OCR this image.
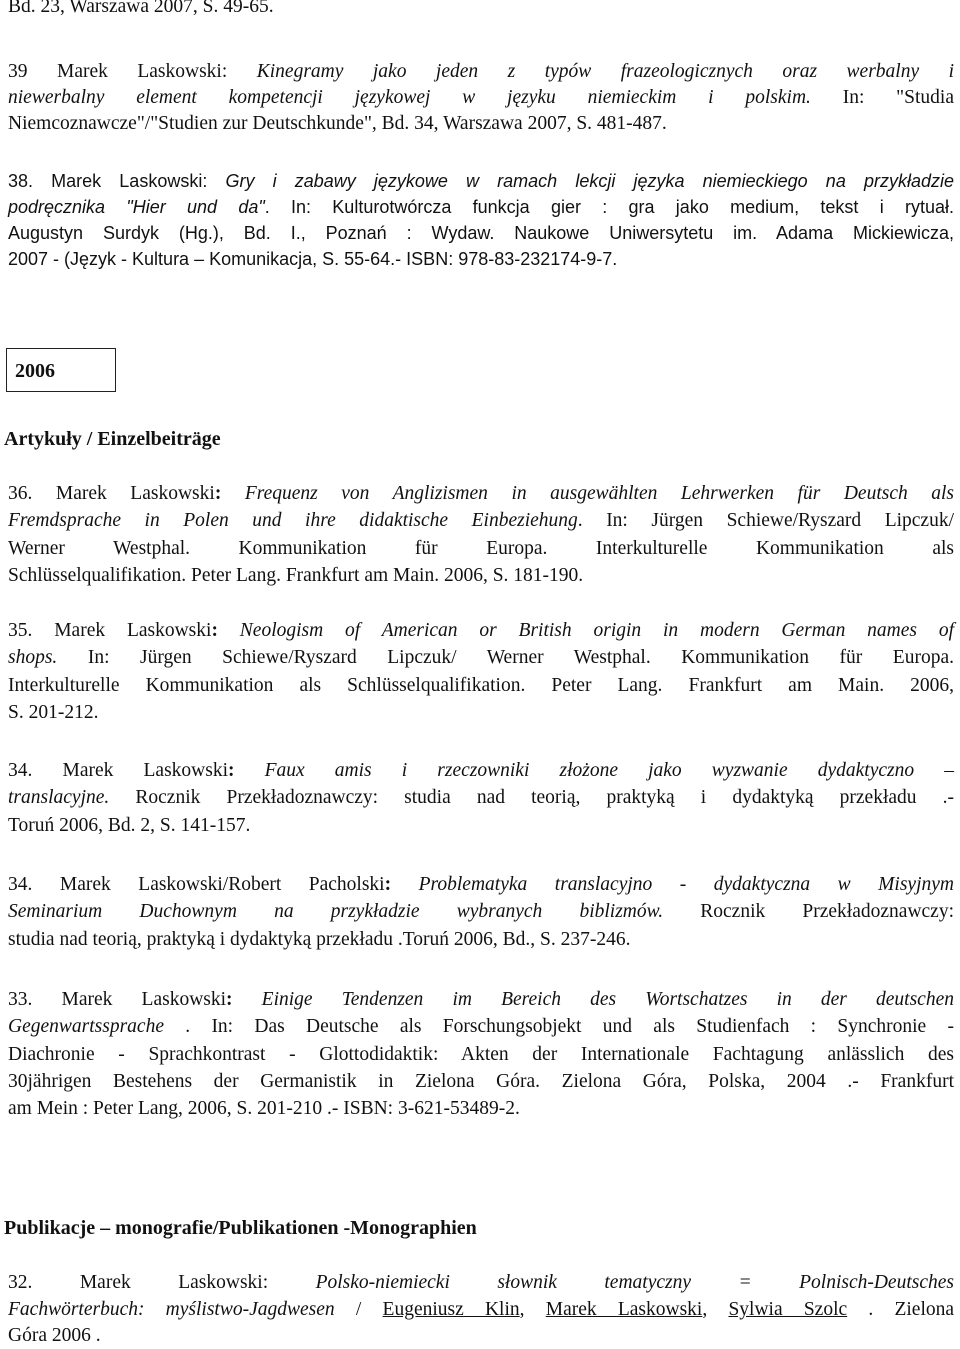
Bd. 23, Warszawa 2007, S. 49-65.
39 Marek Laskowski: Kinegramy jako jeden z typów frazeologicznych oraz werbalny i
niewerbalny element kompetencji językowej w języku niemieckim i polskim. In: "Studia
Niemcoznawcze"/"Studien zur Deutschkunde", Bd. 34, Warszawa 2007, S. 481-487.
38. Marek Laskowski: Gry i zabawy językowe w ramach lekcji języka niemieckiego na przykładzie
podręcznika "Hier und da". In: Kulturotwórcza funkcja gier : gra jako medium, tekst i rytuał.
Augustyn Surdyk (Hg.), Bd. I., Poznań : Wydaw. Naukowe Uniwersytetu im. Adama Mickiewicza,
2007 - (Język - Kultura – Komunikacja, S. 55-64.- ISBN: 978-83-232174-9-7.
2006
Artykuły / Einzelbeiträge
36. Marek Laskowski: Frequenz von Anglizismen in ausgewählten Lehrwerken für Deutsch als
Fremdsprache in Polen und ihre didaktische Einbeziehung. In: Jürgen Schiewe/Ryszard Lipczuk/
Werner Westphal. Kommunikation für Europa. Interkulturelle Kommunikation als
Schlüsselqualifikation. Peter Lang. Frankfurt am Main. 2006, S. 181-190.
35. Marek Laskowski: Neologism of American or British origin in modern German names of
shops. In: Jürgen Schiewe/Ryszard Lipczuk/ Werner Westphal. Kommunikation für Europa.
Interkulturelle Kommunikation als Schlüsselqualifikation. Peter Lang. Frankfurt am Main. 2006,
S. 201-212.
34. Marek Laskowski: Faux amis i rzeczowniki złożone jako wyzwanie dydaktyczno –
translacyjne. Rocznik Przekładoznawczy: studia nad teorią, praktyką i dydaktyką przekładu .-
Toruń 2006, Bd. 2, S. 141-157.
34. Marek Laskowski/Robert Pacholski: Problematyka translacyjno - dydaktyczna w Misyjnym
Seminarium Duchownym na przykładzie wybranych biblizmów. Rocznik Przekładoznawczy:
studia nad teorią, praktyką i dydaktyką przekładu .Toruń 2006, Bd., S. 237-246.
33. Marek Laskowski: Einige Tendenzen im Bereich des Wortschatzes in der deutschen
Gegenwartssprache . In: Das Deutsche als Forschungsobjekt und als Studienfach : Synchronie -
Diachronie - Sprachkontrast - Glottodidaktik: Akten der Internationale Fachtagung anlässlich des
30jährigen Bestehens der Germanistik in Zielona Góra. Zielona Góra, Polska, 2004 .- Frankfurt
am Mein : Peter Lang, 2006, S. 201-210 .- ISBN: 3-621-53489-2.
Publikacje – monografie/Publikationen -Monographien
32. Marek Laskowski: Polsko-niemiecki słownik tematyczny = Polnisch-Deutsches
Fachwörterbuch: myślistwo-Jagdwesen / Eugeniusz Klin, Marek Laskowski, Sylwia Szolc . Zielona
Góra 2006 .
